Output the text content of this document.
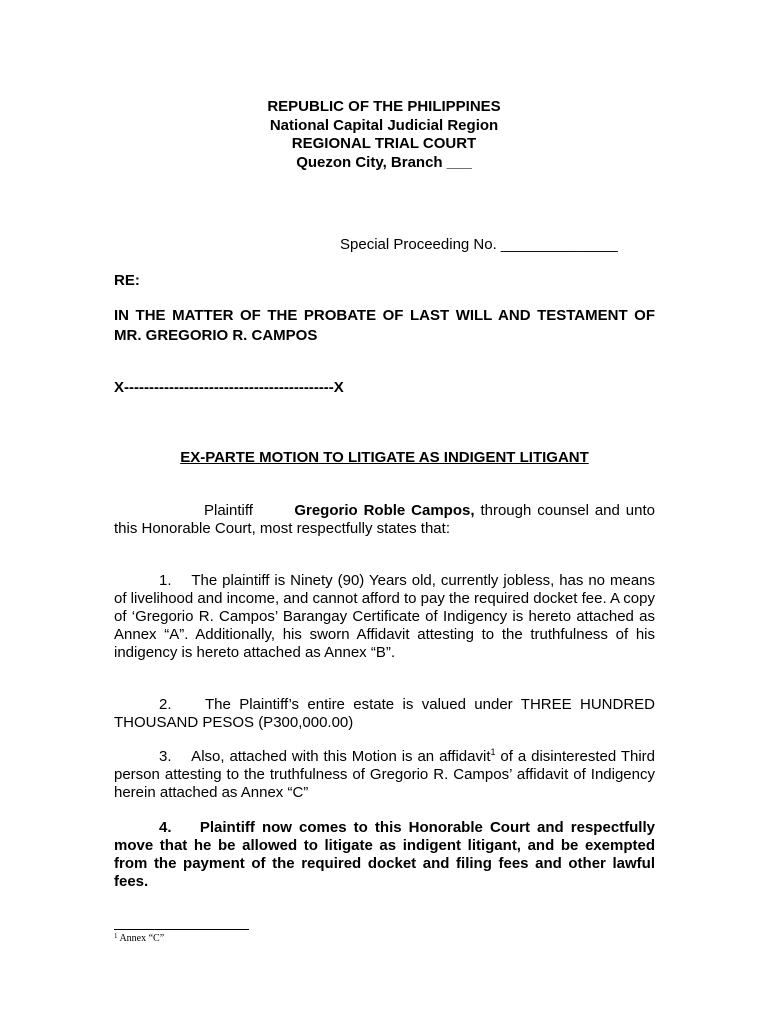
REPUBLIC OF THE PHILIPPINES
National Capital Judicial Region
REGIONAL TRIAL COURT
Quezon City, Branch ___
Special Proceeding No. ______________
RE:
IN THE MATTER OF THE PROBATE OF LAST WILL AND TESTAMENT OF MR. GREGORIO R. CAMPOS
X------------------------------------------X
EX-PARTE MOTION TO LITIGATE AS INDIGENT LITIGANT

Plaintiff	Gregorio Roble Campos, through counsel and unto this Honorable Court, most respectfully states that:

1.    The plaintiff is Ninety (90) Years old, currently jobless, has no means of livelihood and income, and cannot afford to pay the required docket fee. A copy of ‘Gregorio R. Campos’ Barangay Certificate of Indigency is hereto attached as Annex “A”. Additionally, his sworn Affidavit attesting to the truthfulness of his indigency is hereto attached as Annex “B”.

2.    The Plaintiff’s entire estate is valued under THREE HUNDRED THOUSAND PESOS (P300,000.00)

3.    Also, attached with this Motion is an affidavit$^1$ of a disinterested Third person attesting to the truthfulness of Gregorio R. Campos’ affidavit of Indigency herein attached as Annex “C”

4.    Plaintiff now comes to this Honorable Court and respectfully move that he be allowed to litigate as indigent litigant, and be exempted from the payment of the required docket and filing fees and other lawful fees.

$^1$ Annex “C”
